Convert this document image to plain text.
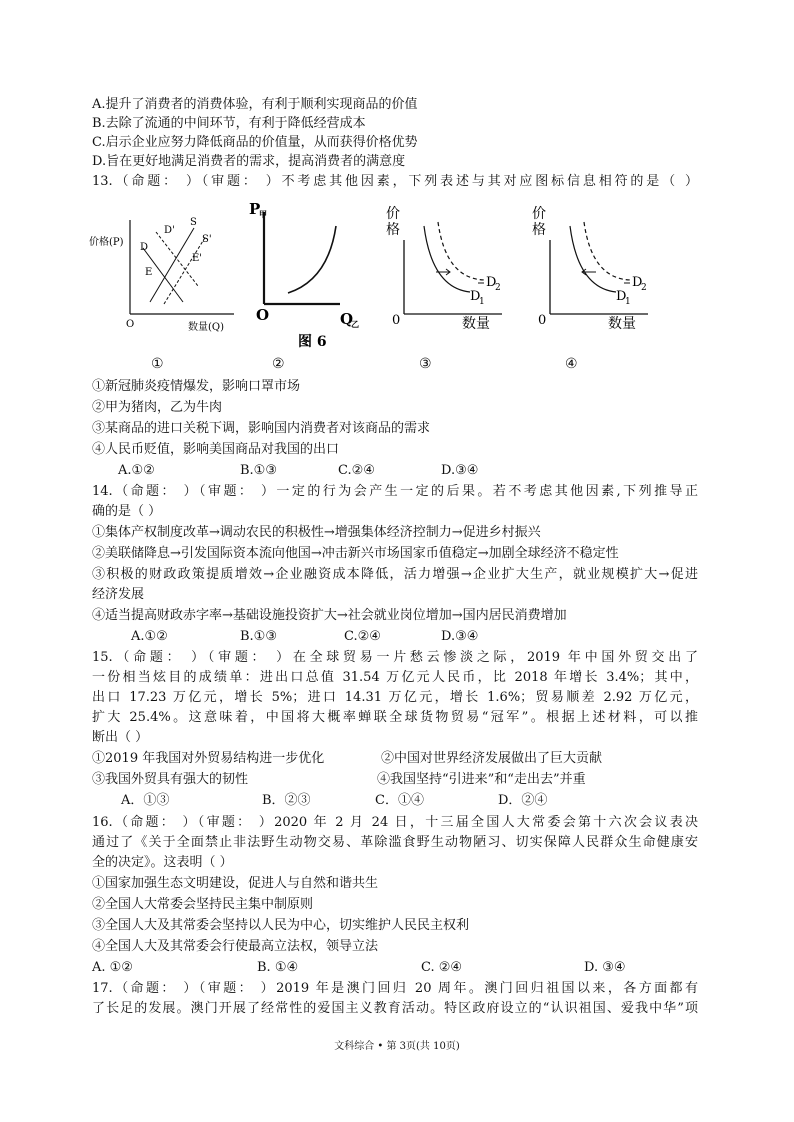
A.提升了消费者的消费体验，有利于顺利实现商品的价值
B.去除了流通的中间环节，有利于降低经营成本
C.启示企业应努力降低商品的价值量，从而获得价格优势
D.旨在更好地满足消费者的需求，提高消费者的满意度
13.（命题： ）（审题： ）不考虑其他因素，下列表述与其对应图标信息相符的是（ ）
价格(P)
O	数量(Q)
D'
S
S'
D
E
E'
P
甲
O	Q
乙
图 6
价
格
0	数量
D
2
D
1
价
格
0	数量
D
2
D
1
①	②	③	④
①新冠肺炎疫情爆发，影响口罩市场
②甲为猪肉，乙为牛肉
③某商品的进口关税下调，影响国内消费者对该商品的需求
④人民币贬值，影响美国商品对我国的出口
A.①②	B.①③	C.②④	D.③④
14.（命题： ）（审题： ）一定的行为会产生一定的后果。若不考虑其他因素,下列推导正
确的是（ ）
①集体产权制度改革→调动农民的积极性→增强集体经济控制力→促进乡村振兴
②美联储降息→引发国际资本流向他国→冲击新兴市场国家币值稳定→加剧全球经济不稳定性
③积极的财政政策提质增效→企业融资成本降低，活力增强→企业扩大生产，就业规模扩大→促进
经济发展
④适当提高财政赤字率→基础设施投资扩大→社会就业岗位增加→国内居民消费增加
A.①②	B.①③	C.②④	D.③④
15.（命题： ）（审题： ）在全球贸易一片愁云惨淡之际，2019 年中国外贸交出了
一份相当炫目的成绩单：进出口总值 31.54 万亿元人民币，比 2018 年增长 3.4%；其中，
出口 17.23 万亿元，增长 5%；进口 14.31 万亿元，增长 1.6%；贸易顺差 2.92 万亿元，
扩大 25.4%。这意味着，中国将大概率蝉联全球货物贸易“冠军”。根据上述材料，可以推
断出（ ）
①2019 年我国对外贸易结构进一步优化	②中国对世界经济发展做出了巨大贡献
③我国外贸具有强大的韧性	④我国坚持“引进来”和“走出去”并重
A．①③	B．②③	C．①④	D．②④
16.（命题： ）（审题： ）2020 年 2 月 24 日，十三届全国人大常委会第十六次会议表决
通过了《关于全面禁止非法野生动物交易、革除滥食野生动物陋习、切实保障人民群众生命健康安
全的决定》。这表明（ ）
①国家加强生态文明建设，促进人与自然和谐共生
②全国人大常委会坚持民主集中制原则
③全国人大及其常委会坚持以人民为中心，切实维护人民民主权利
④全国人大及其常委会行使最高立法权，领导立法
A. ①②	B. ①④	C. ②④	D. ③④
17.（命题： ）（审题： ）2019 年是澳门回归 20 周年。澳门回归祖国以来，各方面都有
了长足的发展。澳门开展了经常性的爱国主义教育活动。特区政府设立的“认识祖国、爱我中华”项
文科综合 • 第 3页(共 10页)
